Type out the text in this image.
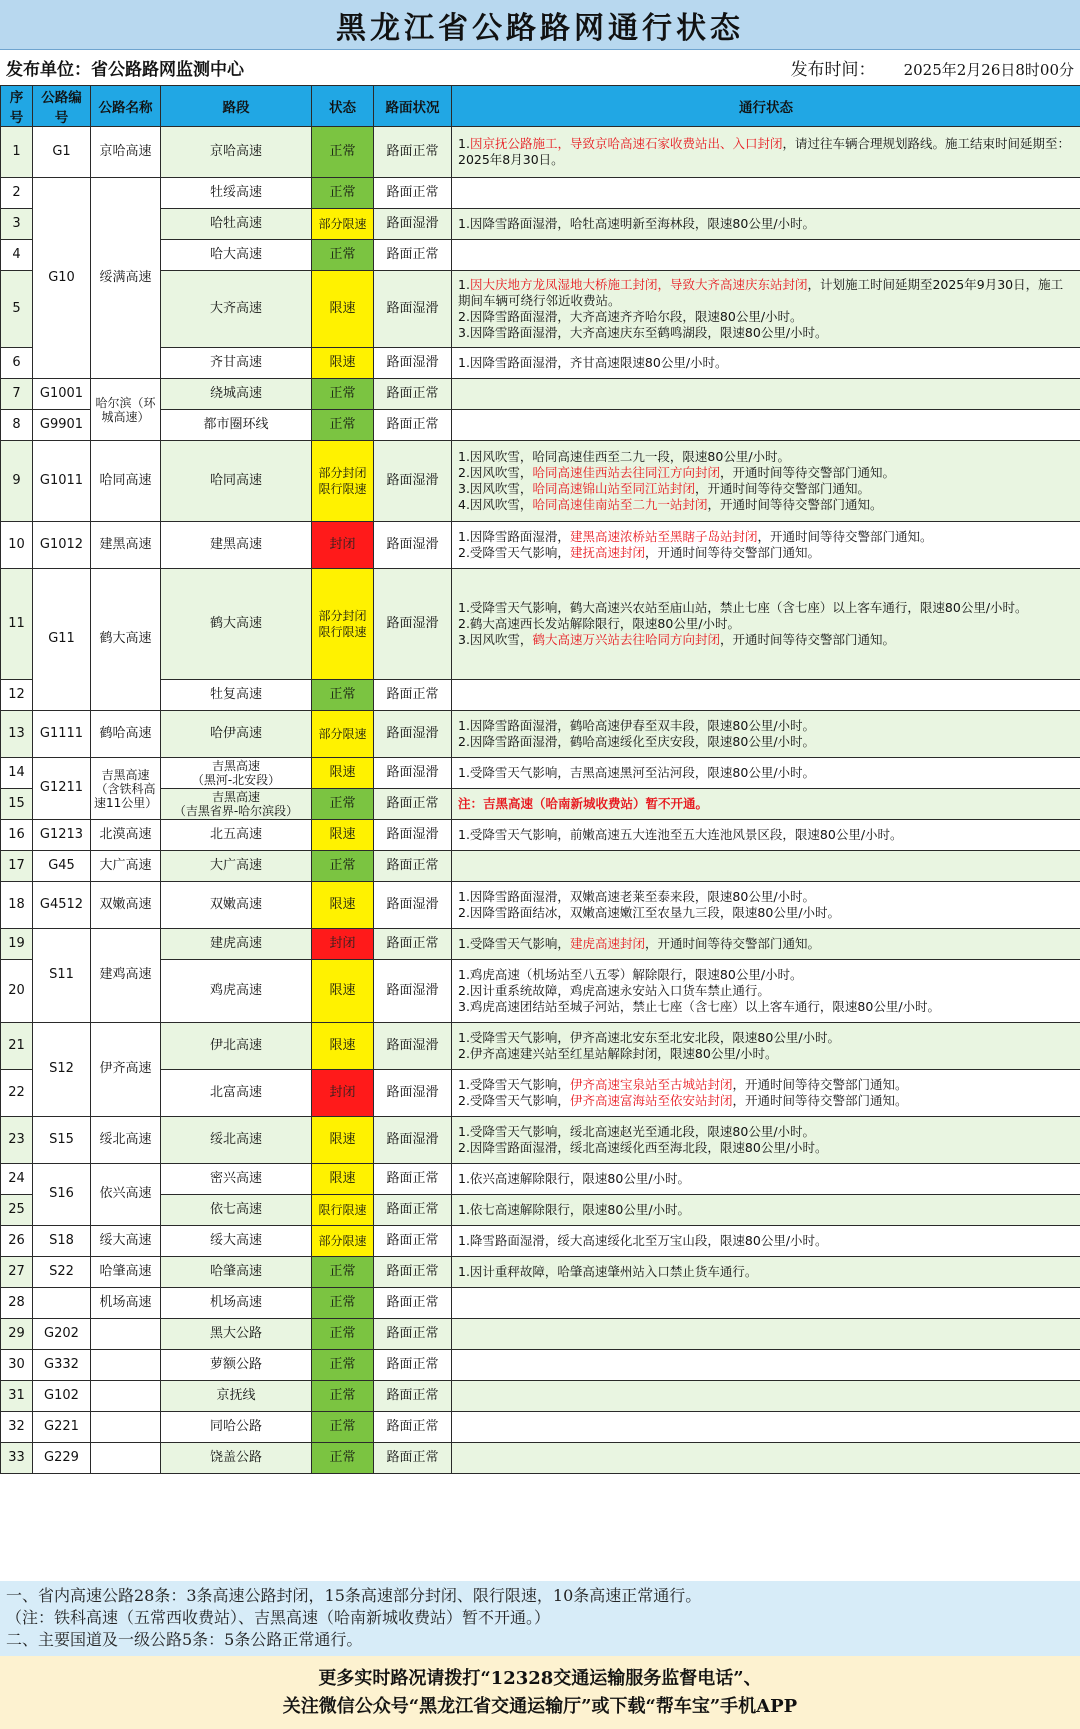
黑龙江省公路路网通行状态
发布单位：省公路路网监测中心	发布时间： 2025年2月26日8时00分
序号	公路编号	公路名称	路段	状态	路面状况	通行状态
1	G1	京哈高速	京哈高速	正常	路面正常	1.因京抚公路施工，导致京哈高速石家收费站出、入口封闭，请过往车辆合理规划路线。施工结束时间延期至：2025年8月30日。
2	G10	绥满高速	牡绥高速	正常	路面正常	
3			哈牡高速	部分限速	路面湿滑	1.因降雪路面湿滑，哈牡高速明新至海林段，限速80公里/小时。
4			哈大高速	正常	路面正常	
5			大齐高速	限速	路面湿滑	1.因大庆地方龙凤湿地大桥施工封闭，导致大齐高速庆东站封闭，计划施工时间延期至2025年9月30日，施工期间车辆可绕行邻近收费站。
2.因降雪路面湿滑，大齐高速齐齐哈尔段，限速80公里/小时。
3.因降雪路面湿滑，大齐高速庆东至鹤鸣湖段，限速80公里/小时。
6			齐甘高速	限速	路面湿滑	1.因降雪路面湿滑，齐甘高速限速80公里/小时。
7	G1001	哈尔滨（环城高速）	绕城高速	正常	路面正常	
8	G9901		都市圈环线	正常	路面正常	
9	G1011	哈同高速	哈同高速	部分封闭
限行限速	路面湿滑	1.因风吹雪，哈同高速佳西至二九一段，限速80公里/小时。
2.因风吹雪，哈同高速佳西站去往同江方向封闭，开通时间等待交警部门通知。
3.因风吹雪，哈同高速锦山站至同江站封闭，开通时间等待交警部门通知。
4.因风吹雪，哈同高速佳南站至二九一站封闭，开通时间等待交警部门通知。
10	G1012	建黑高速	建黑高速	封闭	路面湿滑	1.因降雪路面湿滑，建黑高速浓桥站至黑瞎子岛站封闭，开通时间等待交警部门通知。
2.受降雪天气影响，建抚高速封闭，开通时间等待交警部门通知。
11	G11	鹤大高速	鹤大高速	部分封闭
限行限速	路面湿滑	1.受降雪天气影响，鹤大高速兴农站至庙山站，禁止七座（含七座）以上客车通行，限速80公里/小时。
2.鹤大高速西长发站解除限行，限速80公里/小时。
3.因风吹雪，鹤大高速万兴站去往哈同方向封闭，开通时间等待交警部门通知。
12			牡复高速	正常	路面正常	
13	G1111	鹤哈高速	哈伊高速	部分限速	路面湿滑	1.因降雪路面湿滑，鹤哈高速伊春至双丰段，限速80公里/小时。
2.因降雪路面湿滑，鹤哈高速绥化至庆安段，限速80公里/小时。
14	G1211	吉黑高速（含铁科高速11公里）	吉黑高速
（黑河-北安段）	限速	路面湿滑	1.受降雪天气影响，吉黑高速黑河至沾河段，限速80公里/小时。
15			吉黑高速
（吉黑省界-哈尔滨段）	正常	路面正常	注：吉黑高速（哈南新城收费站）暂不开通。
16	G1213	北漠高速	北五高速	限速	路面湿滑	1.受降雪天气影响，前嫩高速五大连池至五大连池风景区段，限速80公里/小时。
17	G45	大广高速	大广高速	正常	路面正常	
18	G4512	双嫩高速	双嫩高速	限速	路面湿滑	1.因降雪路面湿滑，双嫩高速老莱至泰来段，限速80公里/小时。
2.因降雪路面结冰，双嫩高速嫩江至农垦九三段，限速80公里/小时。
19	S11	建鸡高速	建虎高速	封闭	路面正常	1.受降雪天气影响，建虎高速封闭，开通时间等待交警部门通知。
20			鸡虎高速	限速	路面湿滑	1.鸡虎高速（机场站至八五零）解除限行，限速80公里/小时。
2.因计重系统故障，鸡虎高速永安站入口货车禁止通行。
3.鸡虎高速团结站至城子河站，禁止七座（含七座）以上客车通行，限速80公里/小时。
21	S12	伊齐高速	伊北高速	限速	路面湿滑	1.受降雪天气影响，伊齐高速北安东至北安北段，限速80公里/小时。
2.伊齐高速建兴站至红星站解除封闭，限速80公里/小时。
22			北富高速	封闭	路面湿滑	1.受降雪天气影响，伊齐高速宝泉站至古城站封闭，开通时间等待交警部门通知。
2.受降雪天气影响，伊齐高速富海站至依安站封闭，开通时间等待交警部门通知。
23	S15	绥北高速	绥北高速	限速	路面湿滑	1.受降雪天气影响，绥北高速赵光至通北段，限速80公里/小时。
2.因降雪路面湿滑，绥北高速绥化西至海北段，限速80公里/小时。
24	S16	依兴高速	密兴高速	限速	路面正常	1.依兴高速解除限行，限速80公里/小时。
25			依七高速	限行限速	路面正常	1.依七高速解除限行，限速80公里/小时。
26	S18	绥大高速	绥大高速	部分限速	路面正常	1.降雪路面湿滑，绥大高速绥化北至万宝山段，限速80公里/小时。
27	S22	哈肇高速	哈肇高速	正常	路面正常	1.因计重秤故障，哈肇高速肇州站入口禁止货车通行。
28		机场高速	机场高速	正常	路面正常	
29	G202		黑大公路	正常	路面正常	
30	G332		萝额公路	正常	路面正常	
31	G102		京抚线	正常	路面正常	
32	G221		同哈公路	正常	路面正常	
33	G229		饶盖公路	正常	路面正常	
一、省内高速公路28条：3条高速公路封闭，15条高速部分封闭、限行限速，10条高速正常通行。
（注：铁科高速（五常西收费站）、吉黑高速（哈南新城收费站）暂不开通。）
二、主要国道及一级公路5条：5条公路正常通行。
更多实时路况请拨打“12328交通运输服务监督电话”、
关注微信公众号“黑龙江省交通运输厅”或下载“帮车宝”手机APP
